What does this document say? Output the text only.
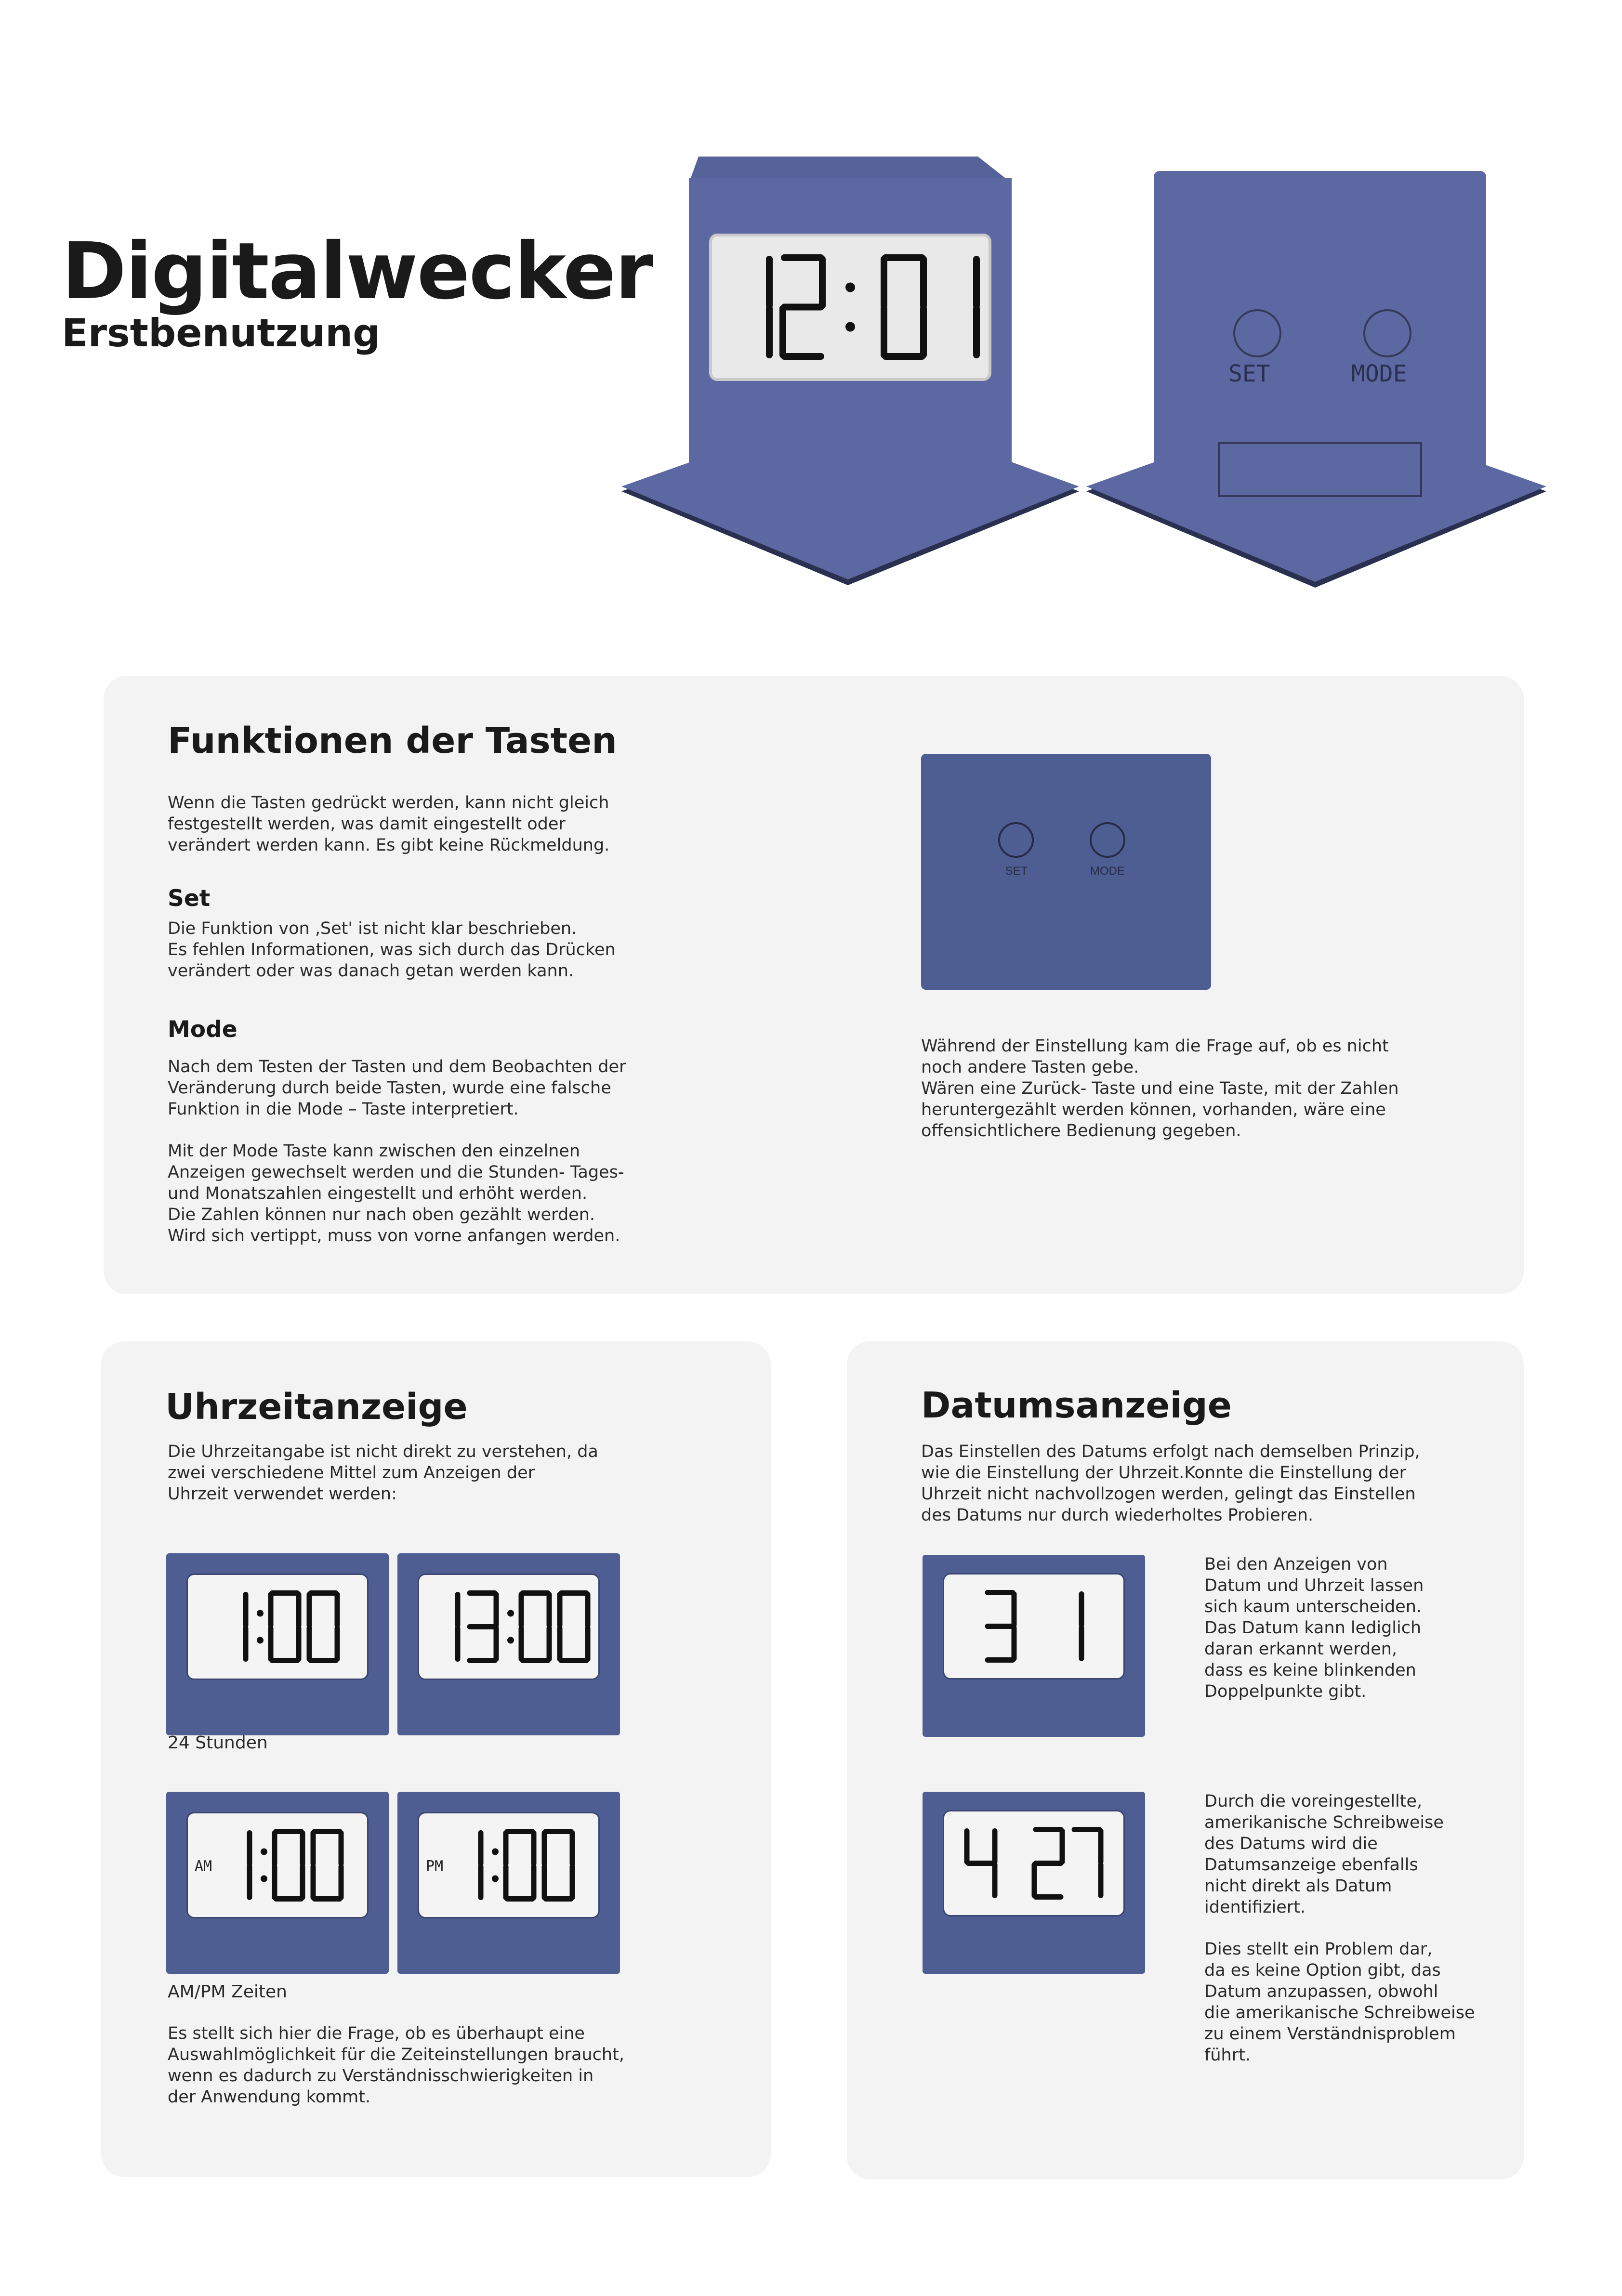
Digitalwecker
Erstbenutzung
SET	MODE
Funktionen der Tasten

Wenn die Tasten gedrückt werden, kann nicht gleich

festgestellt werden, was damit eingestellt oder

verändert werden kann. Es gibt keine Rückmeldung.

Set

Die Funktion von ‚Set' ist nicht klar beschrieben.

Es fehlen Informationen, was sich durch das Drücken

verändert oder was danach getan werden kann.

Mode

Nach dem Testen der Tasten und dem Beobachten der

Veränderung durch beide Tasten, wurde eine falsche

Funktion in die Mode – Taste interpretiert.

Mit der Mode Taste kann zwischen den einzelnen

Anzeigen gewechselt werden und die Stunden- Tages-

und Monatszahlen eingestellt und erhöht werden.

Die Zahlen können nur nach oben gezählt werden.

Wird sich vertippt, muss von vorne anfangen werden.

SET	MODE

Während der Einstellung kam die Frage auf, ob es nicht

noch andere Tasten gebe.

Wären eine Zurück- Taste und eine Taste, mit der Zahlen

heruntergezählt werden können, vorhanden, wäre eine

offensichtlichere Bedienung gegeben.

Uhrzeitanzeige

Die Uhrzeitangabe ist nicht direkt zu verstehen, da

zwei verschiedene Mittel zum Anzeigen der

Uhrzeit verwendet werden:

24 Stunden
AM	PM
AM/PM Zeiten

Es stellt sich hier die Frage, ob es überhaupt eine

Auswahlmöglichkeit für die Zeiteinstellungen braucht,

wenn es dadurch zu Verständnisschwierigkeiten in

der Anwendung kommt.

Datumsanzeige

Das Einstellen des Datums erfolgt nach demselben Prinzip,

wie die Einstellung der Uhrzeit.Konnte die Einstellung der

Uhrzeit nicht nachvollzogen werden, gelingt das Einstellen

des Datums nur durch wiederholtes Probieren.

Bei den Anzeigen von

Datum und Uhrzeit lassen

sich kaum unterscheiden.

Das Datum kann lediglich

daran erkannt werden,

dass es keine blinkenden

Doppelpunkte gibt.

Durch die voreingestellte,

amerikanische Schreibweise

des Datums wird die

Datumsanzeige ebenfalls

nicht direkt als Datum

identifiziert.

Dies stellt ein Problem dar,

da es keine Option gibt, das

Datum anzupassen, obwohl

die amerikanische Schreibweise

zu einem Verständnisproblem

führt.
